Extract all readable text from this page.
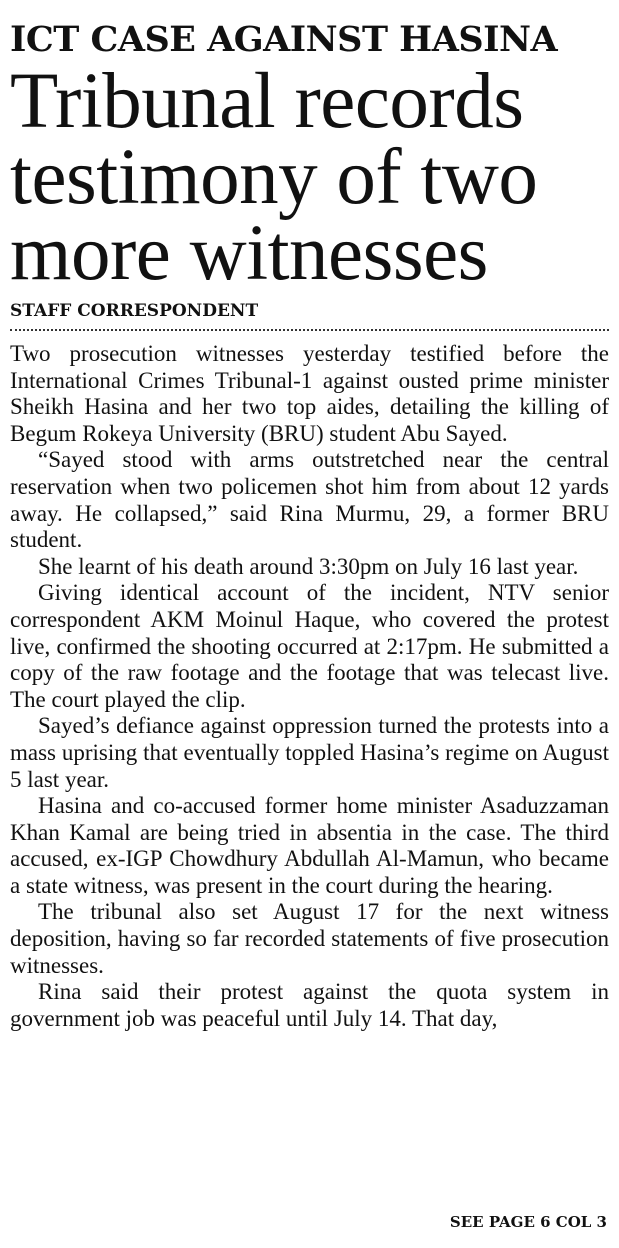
ICT CASE AGAINST HASINA
Tribunal records testimony of two more witnesses
STAFF CORRESPONDENT

Two prosecution witnesses yesterday testified before the International Crimes Tribunal-1 against ousted prime minister Sheikh Hasina and her two top aides, detailing the killing of Begum Rokeya University (BRU) student Abu Sayed.

“Sayed stood with arms outstretched near the central reservation when two policemen shot him from about 12 yards away. He collapsed,” said Rina Murmu, 29, a former BRU student.

She learnt of his death around 3:30pm on July 16 last year.

Giving identical account of the incident, NTV senior correspondent AKM Moinul Haque, who covered the protest live, confirmed the shooting occurred at 2:17pm. He submitted a copy of the raw footage and the footage that was telecast live. The court played the clip.

Sayed’s defiance against oppression turned the protests into a mass uprising that eventually toppled Hasina’s regime on August 5 last year.

Hasina and co-accused former home minister Asaduzzaman Khan Kamal are being tried in absentia in the case. The third accused, ex-IGP Chowdhury Abdullah Al-Mamun, who became a state witness, was present in the court during the hearing.

The tribunal also set August 17 for the next witness deposition, having so far recorded statements of five prosecution witnesses.

Rina said their protest against the quota system in government job was peaceful until July 14. That day,

SEE PAGE 6 COL 3
